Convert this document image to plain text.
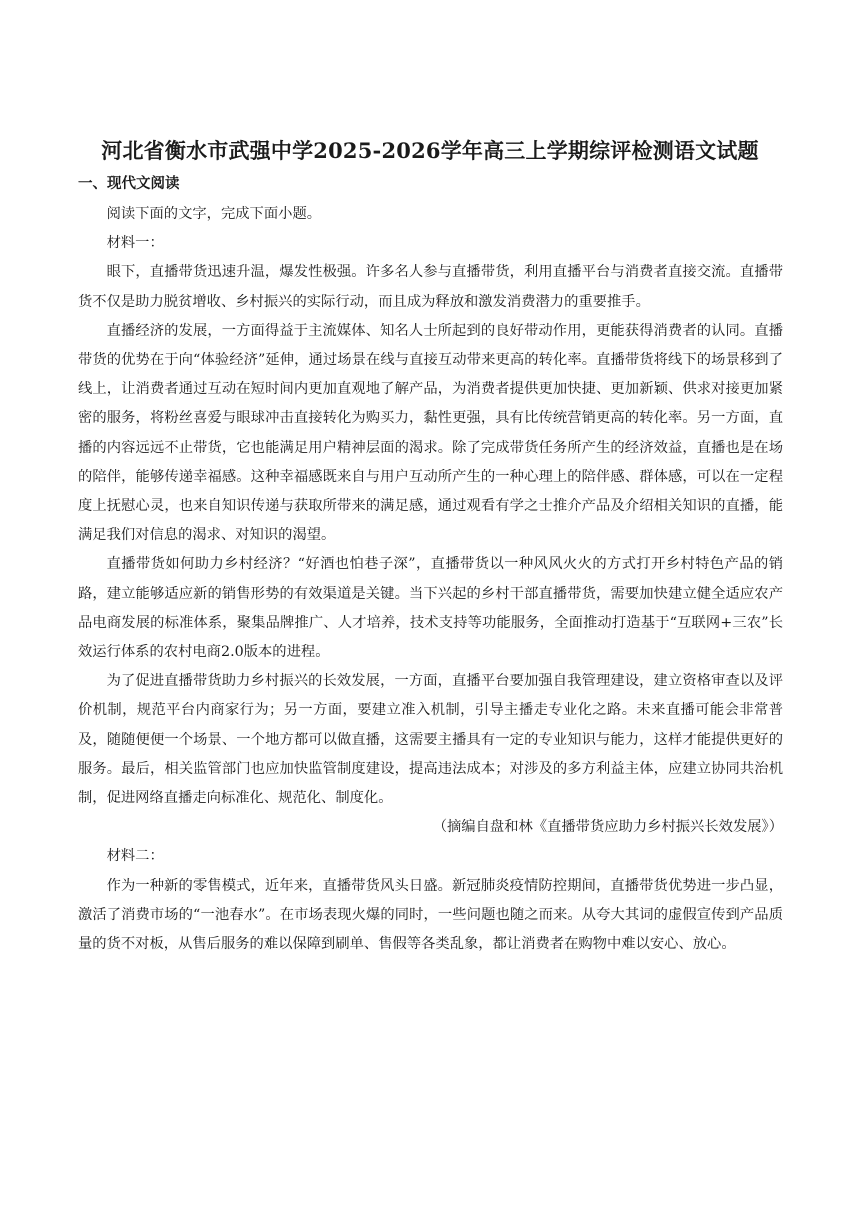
河北省衡水市武强中学2025-2026学年高三上学期综评检测语文试题
一、现代文阅读

阅读下面的文字，完成下面小题。

材料一：

眼下，直播带货迅速升温，爆发性极强。许多名人参与直播带货，利用直播平台与消费者直接交流。直播带货不仅是助力脱贫增收、乡村振兴的实际行动，而且成为释放和激发消费潜力的重要推手。

直播经济的发展，一方面得益于主流媒体、知名人士所起到的良好带动作用，更能获得消费者的认同。直播带货的优势在于向“体验经济”延伸，通过场景在线与直接互动带来更高的转化率。直播带货将线下的场景移到了线上，让消费者通过互动在短时间内更加直观地了解产品，为消费者提供更加快捷、更加新颖、供求对接更加紧密的服务，将粉丝喜爱与眼球冲击直接转化为购买力，黏性更强，具有比传统营销更高的转化率。另一方面，直播的内容远远不止带货，它也能满足用户精神层面的渴求。除了完成带货任务所产生的经济效益，直播也是在场的陪伴，能够传递幸福感。这种幸福感既来自与用户互动所产生的一种心理上的陪伴感、群体感，可以在一定程度上抚慰心灵，也来自知识传递与获取所带来的满足感，通过观看有学之士推介产品及介绍相关知识的直播，能满足我们对信息的渴求、对知识的渴望。

直播带货如何助力乡村经济？“好酒也怕巷子深”，直播带货以一种风风火火的方式打开乡村特色产品的销路，建立能够适应新的销售形势的有效渠道是关键。当下兴起的乡村干部直播带货，需要加快建立健全适应农产品电商发展的标准体系，聚集品牌推广、人才培养，技术支持等功能服务，全面推动打造基于“互联网+三农”长效运行体系的农村电商2.0版本的进程。

为了促进直播带货助力乡村振兴的长效发展，一方面，直播平台要加强自我管理建设，建立资格审查以及评价机制，规范平台内商家行为；另一方面，要建立准入机制，引导主播走专业化之路。未来直播可能会非常普及，随随便便一个场景、一个地方都可以做直播，这需要主播具有一定的专业知识与能力，这样才能提供更好的服务。最后，相关监管部门也应加快监管制度建设，提高违法成本；对涉及的多方利益主体，应建立协同共治机制，促进网络直播走向标准化、规范化、制度化。

（摘编自盘和林《直播带货应助力乡村振兴长效发展》）

材料二：

作为一种新的零售模式，近年来，直播带货风头日盛。新冠肺炎疫情防控期间，直播带货优势进一步凸显，激活了消费市场的“一池春水”。在市场表现火爆的同时，一些问题也随之而来。从夸大其词的虚假宣传到产品质量的货不对板，从售后服务的难以保障到刷单、售假等各类乱象，都让消费者在购物中难以安心、放心。
